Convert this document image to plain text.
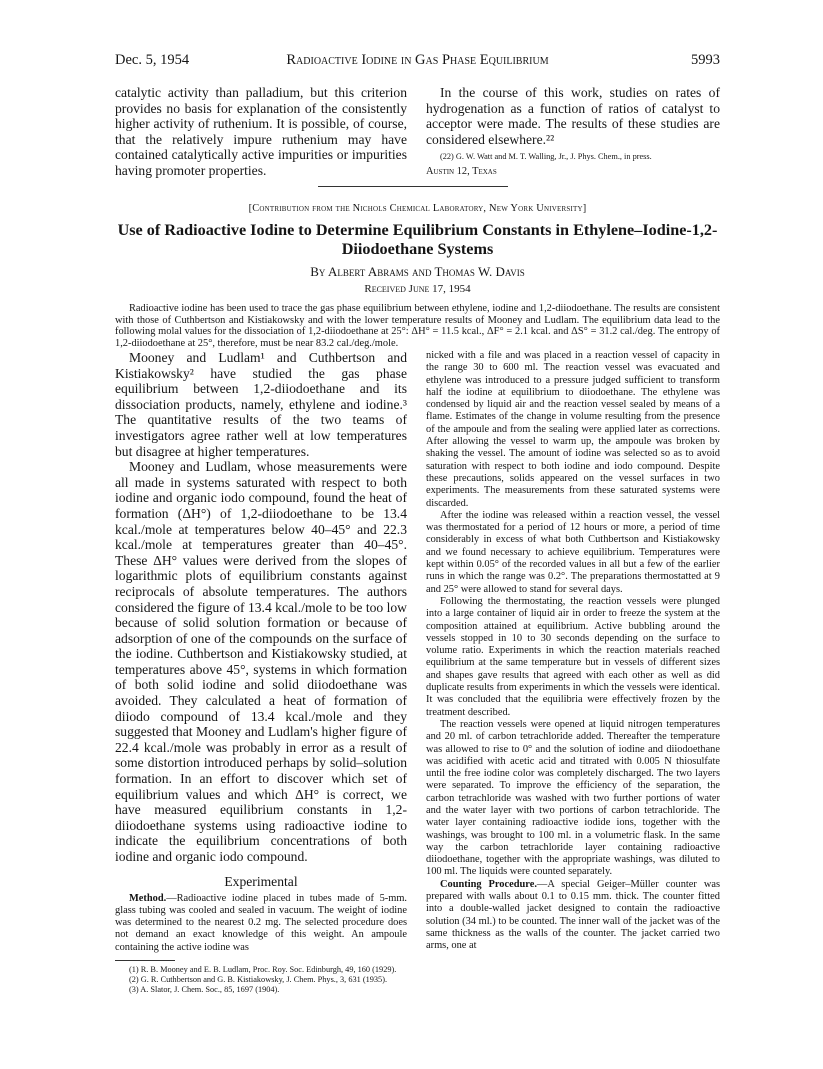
Dec. 5, 1954	Radioactive Iodine in Gas Phase Equilibrium	5993

catalytic activity than palladium, but this criterion provides no basis for explanation of the consistently higher activity of ruthenium. It is possible, of course, that the relatively impure ruthenium may have contained catalytically active impurities or impurities having promoter properties.

In the course of this work, studies on rates of hydrogenation as a function of ratios of catalyst to acceptor were made. The results of these studies are considered elsewhere.²²

(22) G. W. Watt and M. T. Walling, Jr., J. Phys. Chem., in press.

Austin 12, Texas

[Contribution from the Nichols Chemical Laboratory, New York University]
Use of Radioactive Iodine to Determine Equilibrium Constants in Ethylene–Iodine-1,2-
Diiodoethane Systems
By Albert Abrams and Thomas W. Davis
Received June 17, 1954
Radioactive iodine has been used to trace the gas phase equilibrium between ethylene, iodine and 1,2-diiodoethane. The results are consistent with those of Cuthbertson and Kistiakowsky and with the lower temperature results of Mooney and Ludlam. The equilibrium data lead to the following molal values for the dissociation of 1,2-diiodoethane at 25°: ΔH° = 11.5 kcal., ΔF° = 2.1 kcal. and ΔS° = 31.2 cal./deg. The entropy of 1,2-diiodoethane at 25°, therefore, must be near 83.2 cal./deg./mole.

Mooney and Ludlam¹ and Cuthbertson and Kistiakowsky² have studied the gas phase equilibrium between 1,2-diiodoethane and its dissociation products, namely, ethylene and iodine.³ The quantitative results of the two teams of investigators agree rather well at low temperatures but disagree at higher temperatures.

Mooney and Ludlam, whose measurements were all made in systems saturated with respect to both iodine and organic iodo compound, found the heat of formation (ΔH°) of 1,2-diiodoethane to be 13.4 kcal./mole at temperatures below 40–45° and 22.3 kcal./mole at temperatures greater than 40–45°. These ΔH° values were derived from the slopes of logarithmic plots of equilibrium constants against reciprocals of absolute temperatures. The authors considered the figure of 13.4 kcal./mole to be too low because of solid solution formation or because of adsorption of one of the compounds on the surface of the iodine. Cuthbertson and Kistiakowsky studied, at temperatures above 45°, systems in which formation of both solid iodine and solid diiodoethane was avoided. They calculated a heat of formation of diiodo compound of 13.4 kcal./mole and they suggested that Mooney and Ludlam's higher figure of 22.4 kcal./mole was probably in error as a result of some distortion introduced perhaps by solid–solution formation. In an effort to discover which set of equilibrium values and which ΔH° is correct, we have measured equilibrium constants in 1,2-diiodoethane systems using radioactive iodine to indicate the equilibrium concentrations of both iodine and organic iodo compound.

Experimental

Method.—Radioactive iodine placed in tubes made of 5-mm. glass tubing was cooled and sealed in vacuum. The weight of iodine was determined to the nearest 0.2 mg. The selected procedure does not demand an exact knowledge of this weight. An ampoule containing the active iodine was

(1) R. B. Mooney and E. B. Ludlam, Proc. Roy. Soc. Edinburgh, 49, 160 (1929).

(2) G. R. Cuthbertson and G. B. Kistiakowsky, J. Chem. Phys., 3, 631 (1935).

(3) A. Slator, J. Chem. Soc., 85, 1697 (1904).

nicked with a file and was placed in a reaction vessel of capacity in the range 30 to 600 ml. The reaction vessel was evacuated and ethylene was introduced to a pressure judged sufficient to transform half the iodine at equilibrium to diiodoethane. The ethylene was condensed by liquid air and the reaction vessel sealed by means of a flame. Estimates of the change in volume resulting from the presence of the ampoule and from the sealing were applied later as corrections. After allowing the vessel to warm up, the ampoule was broken by shaking the vessel. The amount of iodine was selected so as to avoid saturation with respect to both iodine and iodo compound. Despite these precautions, solids appeared on the vessel surfaces in two experiments. The measurements from these saturated systems were discarded.

After the iodine was released within a reaction vessel, the vessel was thermostated for a period of 12 hours or more, a period of time considerably in excess of what both Cuthbertson and Kistiakowsky and we found necessary to achieve equilibrium. Temperatures were kept within 0.05° of the recorded values in all but a few of the earlier runs in which the range was 0.2°. The preparations thermostatted at 9 and 25° were allowed to stand for several days.

Following the thermostating, the reaction vessels were plunged into a large container of liquid air in order to freeze the system at the composition attained at equilibrium. Active bubbling around the vessels stopped in 10 to 30 seconds depending on the surface to volume ratio. Experiments in which the reaction materials reached equilibrium at the same temperature but in vessels of different sizes and shapes gave results that agreed with each other as well as did duplicate results from experiments in which the vessels were identical. It was concluded that the equilibria were effectively frozen by the treatment described.

The reaction vessels were opened at liquid nitrogen temperatures and 20 ml. of carbon tetrachloride added. Thereafter the temperature was allowed to rise to 0° and the solution of iodine and diiodoethane was acidified with acetic acid and titrated with 0.005 N thiosulfate until the free iodine color was completely discharged. The two layers were separated. To improve the efficiency of the separation, the carbon tetrachloride was washed with two further portions of water and the water layer with two portions of carbon tetrachloride. The water layer containing radioactive iodide ions, together with the washings, was brought to 100 ml. in a volumetric flask. In the same way the carbon tetrachloride layer containing radioactive diiodoethane, together with the appropriate washings, was diluted to 100 ml. The liquids were counted separately.

Counting Procedure.—A special Geiger–Müller counter was prepared with walls about 0.1 to 0.15 mm. thick. The counter fitted into a double-walled jacket designed to contain the radioactive solution (34 ml.) to be counted. The inner wall of the jacket was of the same thickness as the walls of the counter. The jacket carried two arms, one at
